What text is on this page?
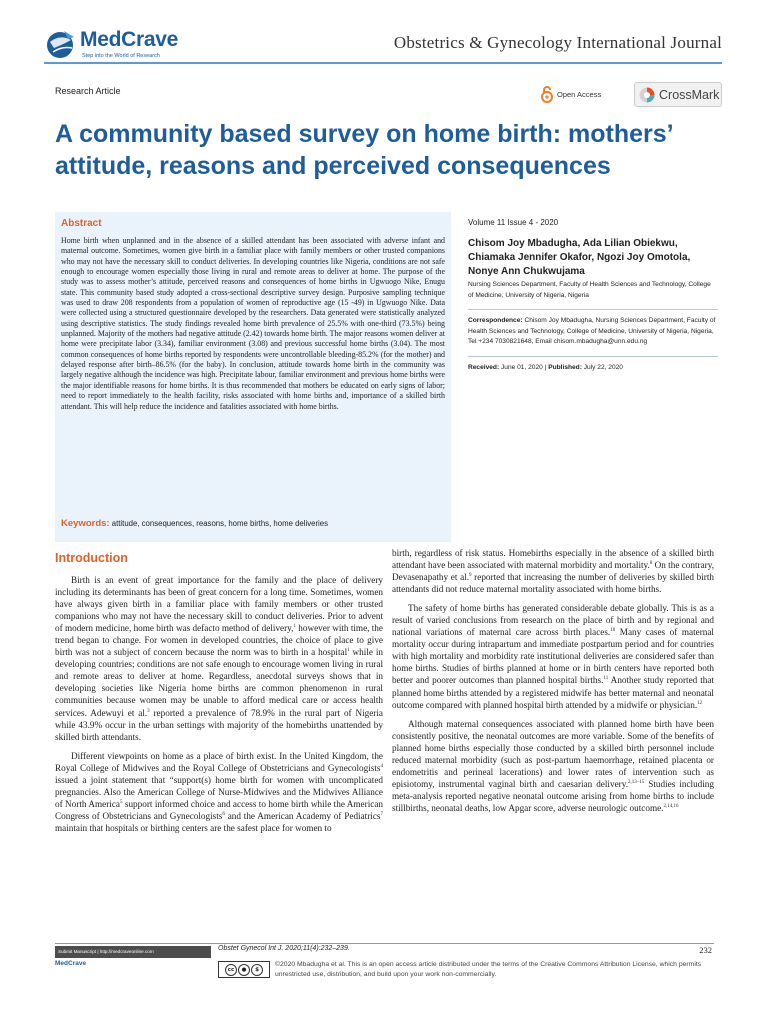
MedCrave
Step into the World of Research
Obstetrics & Gynecology International Journal
Research Article	Open Access	CrossMark
A community based survey on home birth: mothers’ attitude, reasons and perceived consequences
Abstract
Home birth when unplanned and in the absence of a skilled attendant has been associated with adverse infant and maternal outcome. Sometimes, women give birth in a familiar place with family members or other trusted companions who may not have the necessary skill to conduct deliveries. In developing countries like Nigeria, conditions are not safe enough to encourage women especially those living in rural and remote areas to deliver at home. The purpose of the study was to assess mother’s attitude, perceived reasons and consequences of home births in Ugwuogo Nike, Enugu state. This community based study adopted a cross-sectional descriptive survey design. Purposive sampling technique was used to draw 208 respondents from a population of women of reproductive age (15 -49) in Ugwuogo Nike. Data were collected using a structured questionnaire developed by the researchers. Data generated were statistically analyzed using descriptive statistics. The study findings revealed home birth prevalence of 25.5% with one-third (73.5%) being unplanned. Majority of the mothers had negative attitude (2.42) towards home birth. The major reasons women deliver at home were precipitate labor (3.34), familiar environment (3.08) and previous successful home births (3.04). The most common consequences of home births reported by respondents were uncontrollable bleeding-85.2% (for the mother) and delayed response after birth–86.5% (for the baby). In conclusion, attitude towards home birth in the community was largely negative although the incidence was high. Precipitate labour, familiar environment and previous home births were the major identifiable reasons for home births. It is thus recommended that mothers be educated on early signs of labor; need to report immediately to the health facility, risks associated with home births and, importance of a skilled birth attendant. This will help reduce the incidence and fatalities associated with home births.
Keywords: attitude, consequences, reasons, home births, home deliveries
Volume 11 Issue 4 - 2020
Chisom Joy Mbadugha, Ada Lilian Obiekwu, Chiamaka Jennifer Okafor, Ngozi Joy Omotola, Nonye Ann Chukwujama
Nursing Sciences Department, Faculty of Health Sciences and Technology, College of Medicine, University of Nigeria, Nigeria
Correspondence: Chisom Joy Mbadugha, Nursing Sciences Department, Faculty of Health Sciences and Technology, College of Medicine, University of Nigeria, Nigeria,
Tel +234 7030821648, Email chisom.mbadugha@unn.edu.ng
Received: June 01, 2020 | Published: July 22, 2020
Introduction

Birth is an event of great importance for the family and the place of delivery including its determinants has been of great concern for a long time. Sometimes, women have always given birth in a familiar place with family members or other trusted companions who may not have the necessary skill to conduct deliveries. Prior to advent of modern medicine, home birth was defacto method of delivery,$^1$ however with time, the trend began to change. For women in developed countries, the choice of place to give birth was not a subject of concern because the norm was to birth in a hospital$^1$ while in developing countries; conditions are not safe enough to encourage women living in rural and remote areas to deliver at home. Regardless, anecdotal surveys shows that in developing societies like Nigeria home births are common phenomenon in rural communities because women may be unable to afford medical care or access health services. Adewuyi et al.$^3$ reported a prevalence of 78.9% in the rural part of Nigeria while 43.9% occur in the urban settings with majority of the homebirths unattended by skilled birth attendants.

Different viewpoints on home as a place of birth exist. In the United Kingdom, the Royal College of Midwives and the Royal College of Obstetricians and Gynecologists$^4$ issued a joint statement that “support(s) home birth for women with uncomplicated pregnancies. Also the American College of Nurse-Midwives and the Midwives Alliance of North America$^5$ support informed choice and access to home birth while the American Congress of Obstetricians and Gynecologists$^6$ and the American Academy of Pediatrics$^7$ maintain that hospitals or birthing centers are the safest place for women to

birth, regardless of risk status. Homebirths especially in the absence of a skilled birth attendant have been associated with maternal morbidity and mortality.$^8$ On the contrary, Devasenapathy et al.$^9$ reported that increasing the number of deliveries by skilled birth attendants did not reduce maternal mortality associated with home births.

The safety of home births has generated considerable debate globally. This is as a result of varied conclusions from research on the place of birth and by regional and national variations of maternal care across birth places.$^{10}$ Many cases of maternal mortality occur during intrapartum and immediate postpartum period and for countries with high mortality and morbidity rate institutional deliveries are considered safer than home births. Studies of births planned at home or in birth centers have reported both better and poorer outcomes than planned hospital births.$^{11}$ Another study reported that planned home births attended by a registered midwife has better maternal and neonatal outcome compared with planned hospital birth attended by a midwife or physician.$^{12}$

Although maternal consequences associated with planned home birth have been consistently positive, the neonatal outcomes are more variable. Some of the benefits of planned home births especially those conducted by a skilled birth personnel include reduced maternal morbidity (such as post-partum haemorrhage, retained placenta or endometritis and perineal lacerations) and lower rates of intervention such as episiotomy, instrumental vaginal birth and caesarian delivery.$^{2,13-15}$ Studies including meta-analysis reported negative neonatal outcome arising from home births to include stillbirths, neonatal deaths, low Apgar score, adverse neurologic outcome.$^{2,14,16}$

Submit Manuscript | http://medcraveonline.com
MedCrave
Obstet Gynecol Int J. 2020;11(4):232‒239.	232
cc	●	$
©2020 Mbadugha et al. This is an open access article distributed under the terms of the Creative Commons Attribution License, which permits unrestricted use, distribution, and build upon your work non-commercially.
